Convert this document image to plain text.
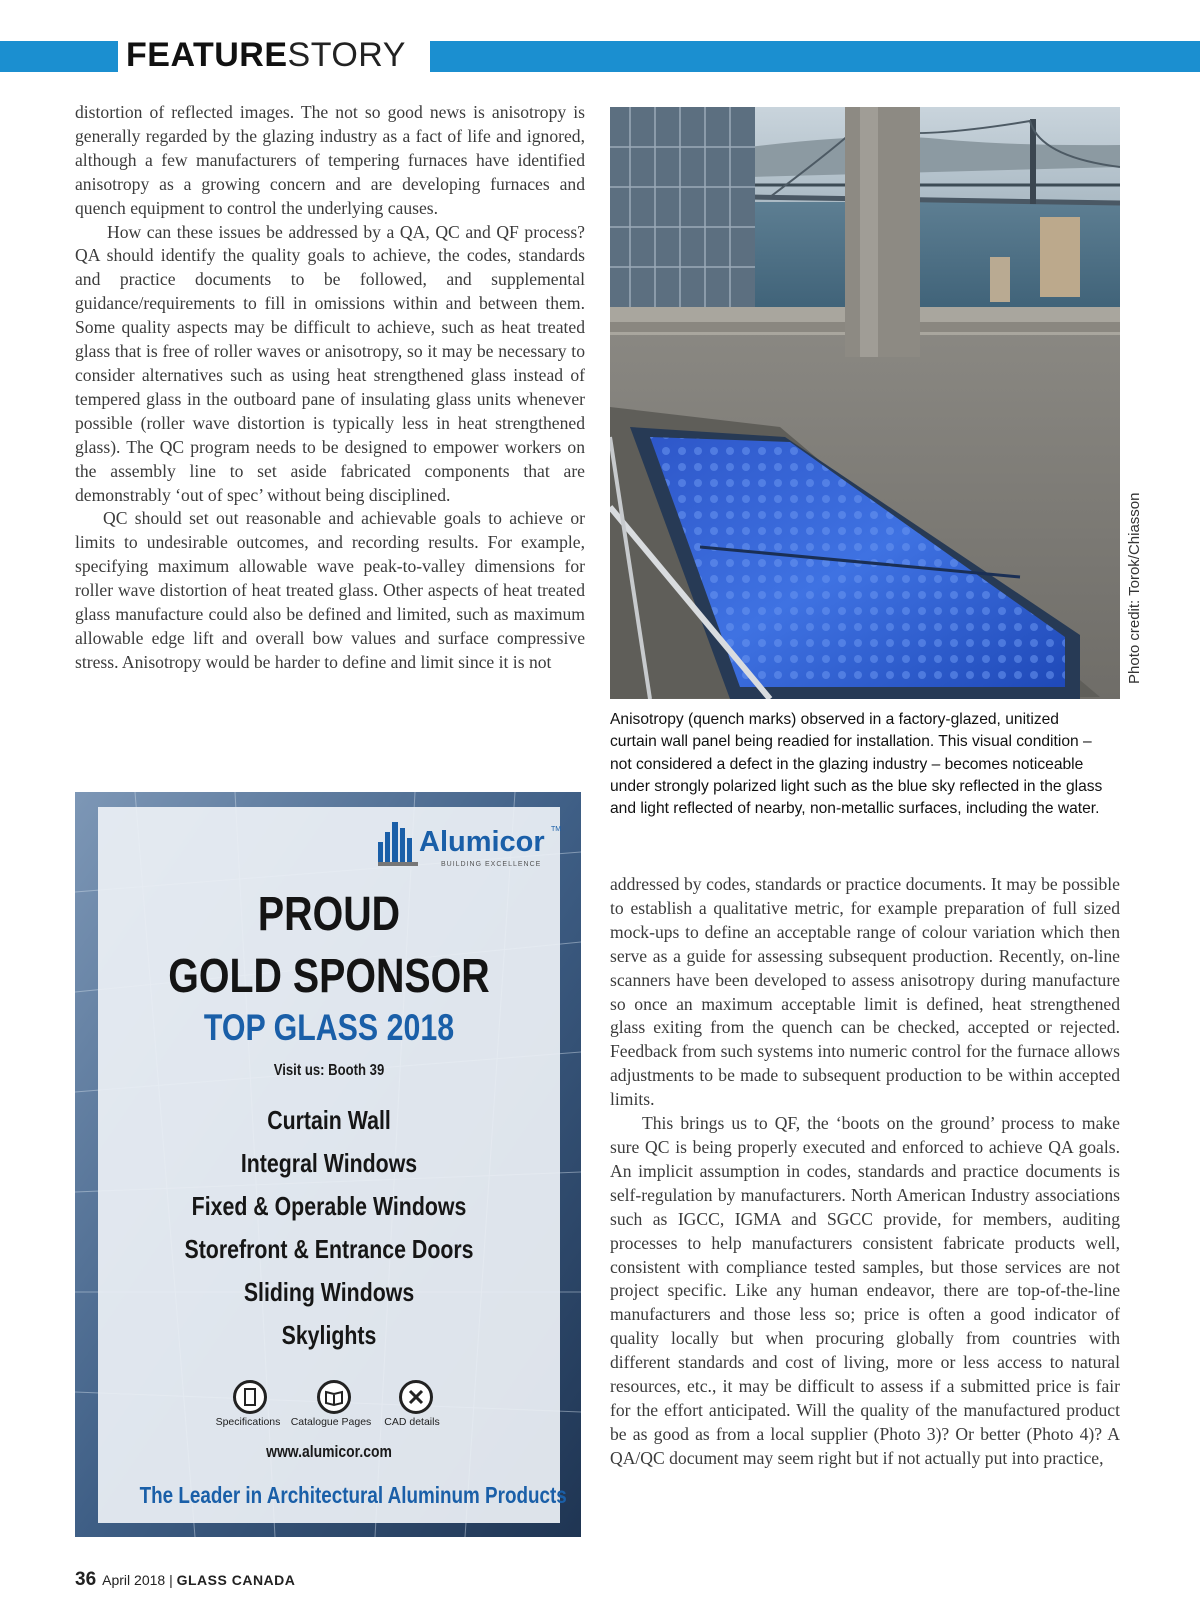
FEATURESTORY

distortion of reflected images. The not so good news is anisotropy is generally regarded by the glazing industry as a fact of life and ignored, although a few manufacturers of tempering furnaces have identified anisotropy as a growing concern and are developing furnaces and quench equipment to control the underlying causes.

How can these issues be addressed by a QA, QC and QF process? QA should identify the quality goals to achieve, the codes, standards and practice documents to be followed, and supplemental guidance/requirements to fill in omissions within and between them. Some quality aspects may be difficult to achieve, such as heat treated glass that is free of roller waves or anisotropy, so it may be necessary to consider alternatives such as using heat strengthened glass instead of tempered glass in the outboard pane of insulating glass units whenever possible (roller wave distortion is typically less in heat strengthened glass). The QC program needs to be designed to empower workers on the assembly line to set aside fabricated components that are demonstrably ‘out of spec’ without being disciplined.

QC should set out reasonable and achievable goals to achieve or limits to undesirable outcomes, and recording results. For example, specifying maximum allowable wave peak-to-valley dimensions for roller wave distortion of heat treated glass. Other aspects of heat treated glass manufacture could also be defined and limited, such as maximum allowable edge lift and overall bow values and surface compressive stress. Anisotropy would be harder to define and limit since it is not	Photo credit: Torok/Chiasson
Anisotropy (quench marks) observed in a factory-glazed, unitized curtain wall panel being readied for installation. This visual condition – not considered a defect in the glazing industry – becomes noticeable under strongly polarized light such as the blue sky reflected in the glass and light reflected of nearby, non-metallic surfaces, including the water.

addressed by codes, standards or practice documents. It may be possible to establish a qualitative metric, for example preparation of full sized mock-ups to define an acceptable range of colour variation which then serve as a guide for assessing subsequent production. Recently, on-line scanners have been developed to assess anisotropy during manufacture so once an maximum acceptable limit is defined, heat strengthened glass exiting from the quench can be checked, accepted or rejected. Feedback from such systems into numeric control for the furnace allows adjustments to be made to subsequent production to be within accepted limits.

This brings us to QF, the ‘boots on the ground’ process to make sure QC is being properly executed and enforced to achieve QA goals. An implicit assumption in codes, standards and practice documents is self-regulation by manufacturers. North American Industry associations such as IGCC, IGMA and SGCC provide, for members, auditing processes to help manufacturers consistent fabricate products well, consistent with compliance tested samples, but those services are not project specific. Like any human endeavor, there are top-of-the-line manufacturers and those less so; price is often a good indicator of quality locally but when procuring globally from countries with different standards and cost of living, more or less access to natural resources, etc., it may be difficult to assess if a submitted price is fair for the effort anticipated. Will the quality of the manufactured product be as good as from a local supplier (Photo 3)? Or better (Photo 4)? A QA/QC document may seem right but if not actually put into practice,

Alumicor TM
BUILDING EXCELLENCE
PROUD
GOLD SPONSOR
TOP GLASS 2018
Visit us: Booth 39
Curtain Wall
Integral Windows
Fixed & Operable Windows
Storefront & Entrance Doors
Sliding Windows
Skylights
Specifications Catalogue Pages	CAD details
www.alumicor.com
The Leader in Architectural Aluminum Products
36 April 2018 | GLASS CANADA
